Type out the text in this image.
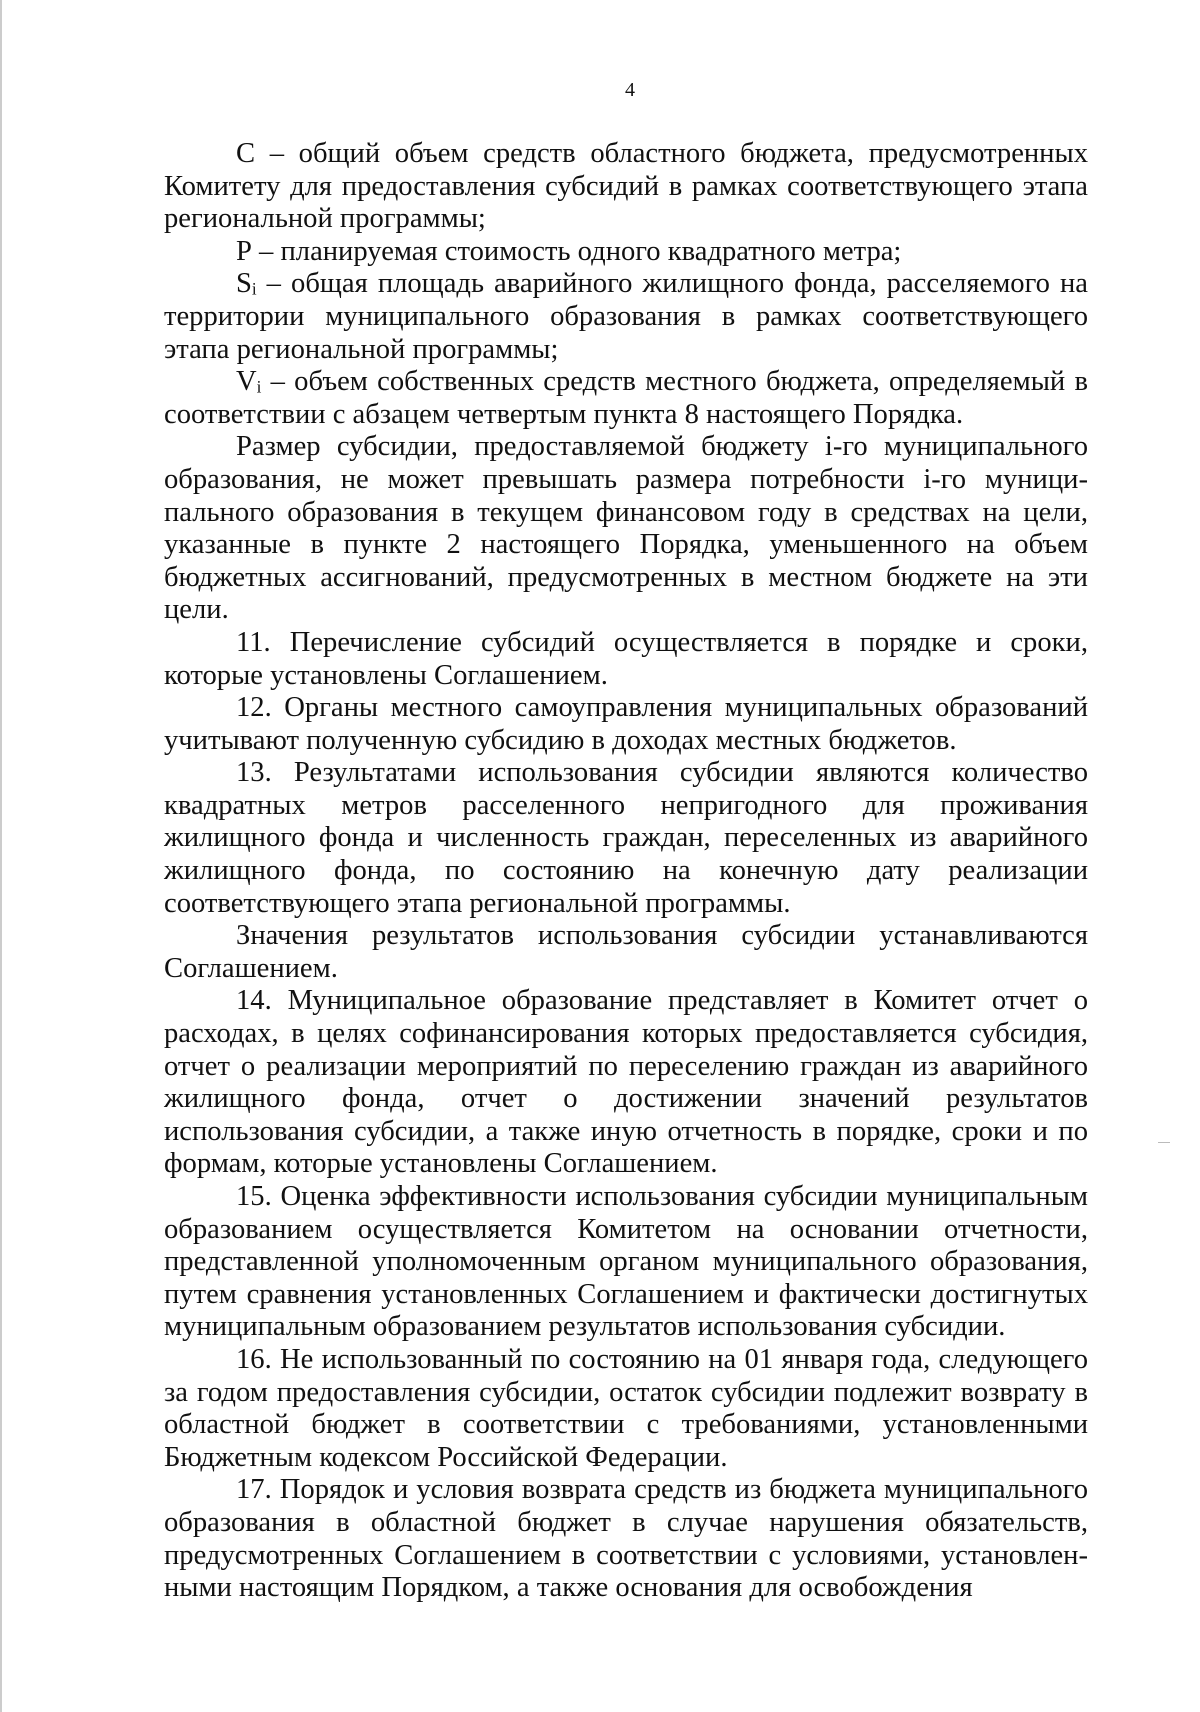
4

С – общий объем средств областного бюджета, предусмотренных Комитету для предоставления субсидий в рамках соответствующего этапа региональной программы;

Р – планируемая стоимость одного квадратного метра;

Sᵢ – общая площадь аварийного жилищного фонда, расселяемого на территории муниципального образования в рамках соответствующего этапа региональной программы;

Vᵢ – объем собственных средств местного бюджета, определяемый в соответствии с абзацем четвертым пункта 8 настоящего Порядка.

Размер субсидии, предоставляемой бюджету i-го муниципального образования, не может превышать размера потребности i-го муниципального образования в текущем финансовом году в средствах на цели, указанные в пункте 2 настоящего Порядка, уменьшенного на объем бюджетных ассигнований, предусмотренных в местном бюджете на эти цели.

11. Перечисление субсидий осуществляется в порядке и сроки, которые установлены Соглашением.

12. Органы местного самоуправления муниципальных образований учитывают полученную субсидию в доходах местных бюджетов.

13. Результатами использования субсидии являются количество квадратных метров расселенного непригодного для проживания жилищного фонда и численность граждан, переселенных из аварийного жилищного фонда, по состоянию на конечную дату реализации соответствующего этапа региональной программы.

Значения результатов использования субсидии устанавливаются Соглашением.

14. Муниципальное образование представляет в Комитет отчет о расходах, в целях софинансирования которых предоставляется субсидия, отчет о реализации мероприятий по переселению граждан из аварийного жилищного фонда, отчет о достижении значений результатов использования субсидии, а также иную отчетность в порядке, сроки и по формам, которые установлены Соглашением.

15. Оценка эффективности использования субсидии муниципальным образованием осуществляется Комитетом на основании отчетности, представленной уполномоченным органом муниципального образования, путем сравнения установленных Соглашением и фактически достигнутых муниципальным образованием результатов использования субсидии.

16. Не использованный по состоянию на 01 января года, следующего за годом предоставления субсидии, остаток субсидии подлежит возврату в областной бюджет в соответствии с требованиями, установленными Бюджетным кодексом Российской Федерации.

17. Порядок и условия возврата средств из бюджета муниципального образования в областной бюджет в случае нарушения обязательств, предусмотренных Соглашением в соответствии с условиями, установленными настоящим Порядком, а также основания для освобождения
